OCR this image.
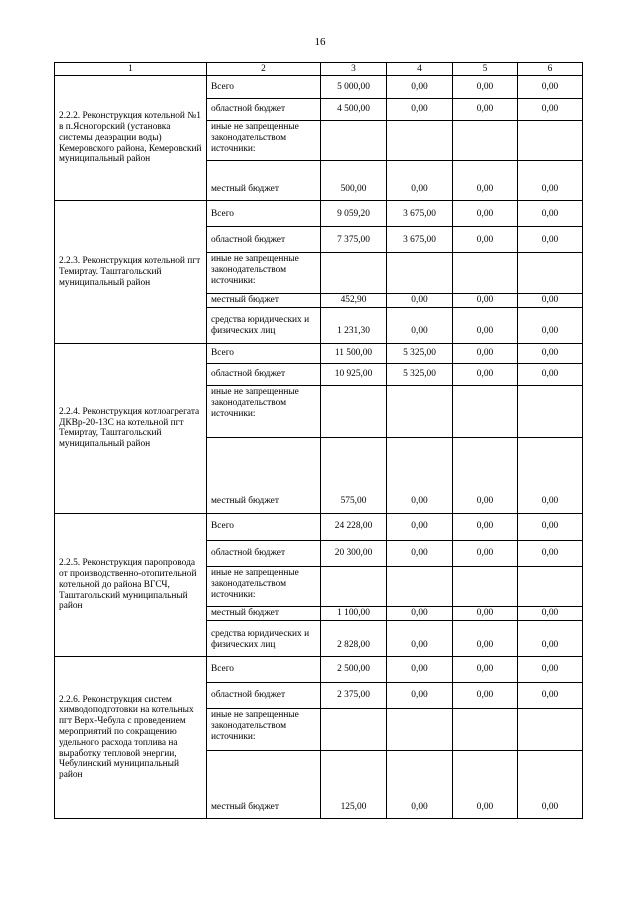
16
1	2	3	4	5	6
2.2.2. Реконструкция котельной №1 в п.Ясногорский (установка системы деаэрации воды) Кемеровского района, Кемеровский муниципальный район	Всего	5 000,00	0,00	0,00	0,00
	областной бюджет	4 500,00	0,00	0,00	0,00
	иные не запрещенные законодательством источники:				
	местный бюджет	500,00	0,00	0,00	0,00
2.2.3. Реконструкция котельной пгт Темиртау. Таштагольский муниципальный район	Всего	9 059,20	3 675,00	0,00	0,00
	областной бюджет	7 375,00	3 675,00	0,00	0,00
	иные не запрещенные законодательством источники:				
	местный бюджет	452,90	0,00	0,00	0,00
	средства юридических и физических лиц	1 231,30	0,00	0,00	0,00
2.2.4. Реконструкция котлоагрегата ДКВр-20-13С на котельной пгт Темиртау, Таштагольский муниципальный район	Всего	11 500,00	5 325,00	0,00	0,00
	областной бюджет	10 925,00	5 325,00	0,00	0,00
	иные не запрещенные законодательством источники:				
	местный бюджет	575,00	0,00	0,00	0,00
2.2.5. Реконструкция паропровода от производственно-отопительной котельной до района ВГСЧ, Таштагольский муниципальный район	Всего	24 228,00	0,00	0,00	0,00
	областной бюджет	20 300,00	0,00	0,00	0,00
	иные не запрещенные законодательством источники:				
	местный бюджет	1 100,00	0,00	0,00	0,00
	средства юридических и физических лиц	2 828,00	0,00	0,00	0,00
2.2.6. Реконструкция систем химводоподготовки на котельных пгт Верх-Чебула с проведением мероприятий по сокращению удельного расхода топлива на выработку тепловой энергии, Чебулинский муниципальный район	Всего	2 500,00	0,00	0,00	0,00
	областной бюджет	2 375,00	0,00	0,00	0,00
	иные не запрещенные законодательством источники:				
	местный бюджет	125,00	0,00	0,00	0,00
